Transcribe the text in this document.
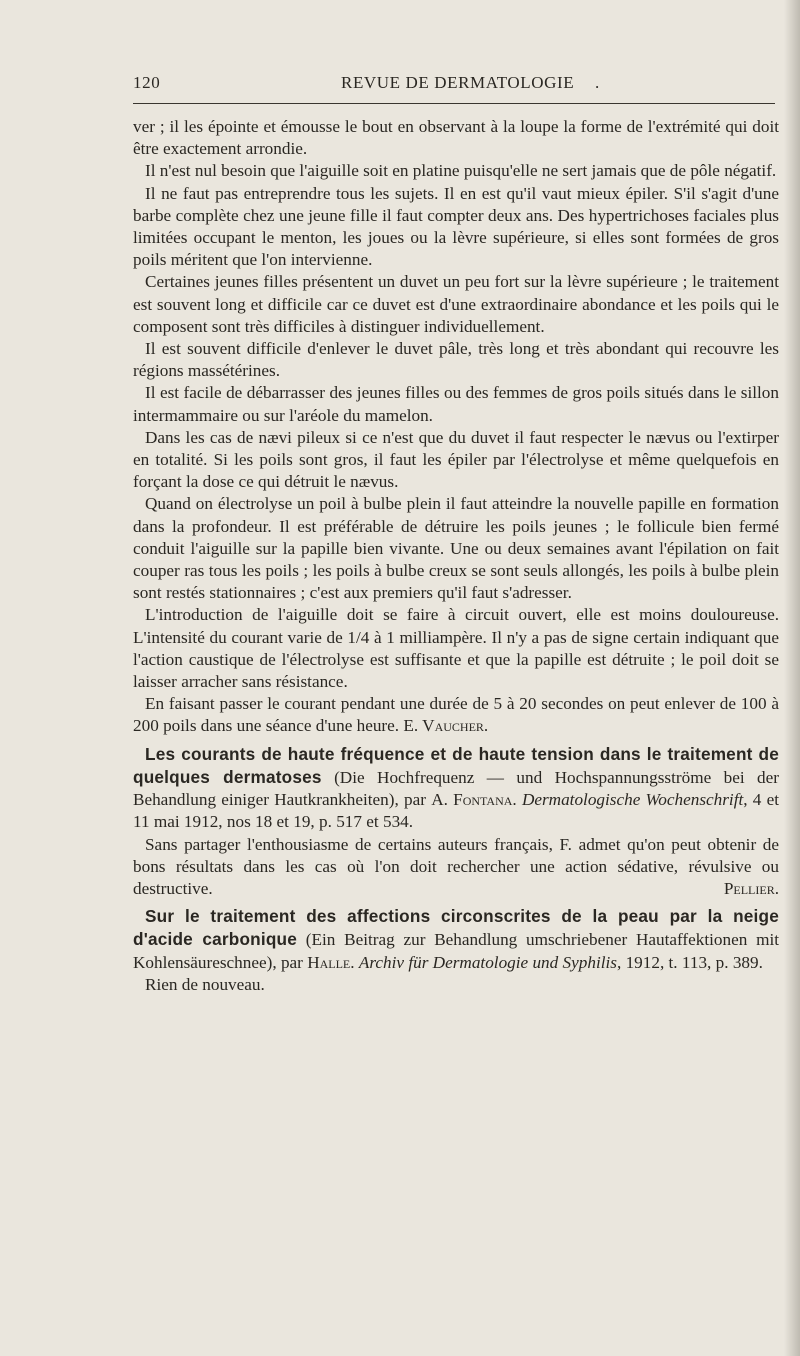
120	REVUE DE DERMATOLOGIE .

ver ; il les épointe et émousse le bout en observant à la loupe la forme de l'extrémité qui doit être exactement arrondie.

Il n'est nul besoin que l'aiguille soit en platine puisqu'elle ne sert jamais que de pôle négatif.

Il ne faut pas entreprendre tous les sujets. Il en est qu'il vaut mieux épiler. S'il s'agit d'une barbe complète chez une jeune fille il faut compter deux ans. Des hypertrichoses faciales plus limitées occupant le menton, les joues ou la lèvre supérieure, si elles sont formées de gros poils méritent que l'on intervienne.

Certaines jeunes filles présentent un duvet un peu fort sur la lèvre supérieure ; le traitement est souvent long et difficile car ce duvet est d'une extraordinaire abondance et les poils qui le composent sont très difficiles à distinguer individuellement.

Il est souvent difficile d'enlever le duvet pâle, très long et très abondant qui recouvre les régions massétérines.

Il est facile de débarrasser des jeunes filles ou des femmes de gros poils situés dans le sillon intermammaire ou sur l'aréole du mamelon.

Dans les cas de nævi pileux si ce n'est que du duvet il faut respecter le nævus ou l'extirper en totalité. Si les poils sont gros, il faut les épiler par l'électrolyse et même quelquefois en forçant la dose ce qui détruit le nævus.

Quand on électrolyse un poil à bulbe plein il faut atteindre la nouvelle papille en formation dans la profondeur. Il est préférable de détruire les poils jeunes ; le follicule bien fermé conduit l'aiguille sur la papille bien vivante. Une ou deux semaines avant l'épilation on fait couper ras tous les poils ; les poils à bulbe creux se sont seuls allongés, les poils à bulbe plein sont restés stationnaires ; c'est aux premiers qu'il faut s'adresser.

L'introduction de l'aiguille doit se faire à circuit ouvert, elle est moins douloureuse. L'intensité du courant varie de 1/4 à 1 milliampère. Il n'y a pas de signe certain indiquant que l'action caustique de l'électrolyse est suffisante et que la papille est détruite ; le poil doit se laisser arracher sans résistance.

En faisant passer le courant pendant une durée de 5 à 20 secondes on peut enlever de 100 à 200 poils dans une séance d'une heure. E. Vaucher.

Les courants de haute fréquence et de haute tension dans le traitement de quelques dermatoses (Die Hochfrequenz — und Hochspannungsströme bei der Behandlung einiger Hautkrankheiten), par A. Fontana. Dermatologische Wochenschrift, 4 et 11 mai 1912, nos 18 et 19, p. 517 et 534.

Sans partager l'enthousiasme de certains auteurs français, F. admet qu'on peut obtenir de bons résultats dans les cas où l'on doit rechercher une action sédative, révulsive ou destructive.	Pellier.

Sur le traitement des affections circonscrites de la peau par la neige d'acide carbonique (Ein Beitrag zur Behandlung umschriebener Hautaffektionen mit Kohlensäureschnee), par Halle. Archiv für Dermatologie und Syphilis, 1912, t. 113, p. 389.

Rien de nouveau.
